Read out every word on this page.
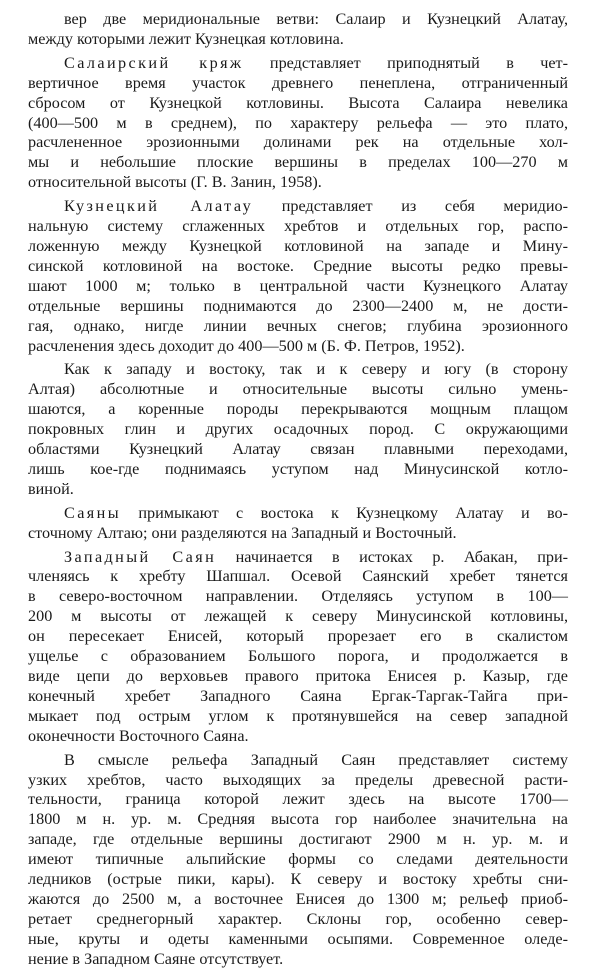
вер две меридиональные ветви: Салаир и Кузнецкий Алатау,
между которыми лежит Кузнецкая котловина.

Салаирский кряж представляет приподнятый в чет-
вертичное время участок древнего пенеплена, отграниченный
сбросом от Кузнецкой котловины. Высота Салаира невелика
(400—500 м в среднем), по характеру рельефа — это плато,
расчлененное эрозионными долинами рек на отдельные хол-
мы и небольшие плоские вершины в пределах 100—270 м
относительной высоты (Г. В. Занин, 1958).

Кузнецкий Алатау представляет из себя меридио-
нальную систему сглаженных хребтов и отдельных гор, распо-
ложенную между Кузнецкой котловиной на западе и Мину-
синской котловиной на востоке. Средние высоты редко превы-
шают 1000 м; только в центральной части Кузнецкого Алатау
отдельные вершины поднимаются до 2300—2400 м, не дости-
гая, однако, нигде линии вечных снегов; глубина эрозионного
расчленения здесь доходит до 400—500 м (Б. Ф. Петров, 1952).

Как к западу и востоку, так и к северу и югу (в сторону
Алтая) абсолютные и относительные высоты сильно умень-
шаются, а коренные породы перекрываются мощным плащом
покровных глин и других осадочных пород. С окружающими
областями Кузнецкий Алатау связан плавными переходами,
лишь кое-где поднимаясь уступом над Минусинской котло-
виной.

Саяны примыкают с востока к Кузнецкому Алатау и во-
сточному Алтаю; они разделяются на Западный и Восточный.

Западный Саян начинается в истоках р. Абакан, при-
членяясь к хребту Шапшал. Осевой Саянский хребет тянется
в северо-восточном направлении. Отделяясь уступом в 100—
200 м высоты от лежащей к северу Минусинской котловины,
он пересекает Енисей, который прорезает его в скалистом
ущелье с образованием Большого порога, и продолжается в
виде цепи до верховьев правого притока Енисея р. Казыр, где
конечный хребет Западного Саяна Ергак-Таргак-Тайга при-
мыкает под острым углом к протянувшейся на север западной
оконечности Восточного Саяна.

В смысле рельефа Западный Саян представляет систему
узких хребтов, часто выходящих за пределы древесной расти-
тельности, граница которой лежит здесь на высоте 1700—
1800 м н. ур. м. Средняя высота гор наиболее значительна на
западе, где отдельные вершины достигают 2900 м н. ур. м. и
имеют типичные альпийские формы со следами деятельности
ледников (острые пики, кары). К северу и востоку хребты сни-
жаются до 2500 м, а восточнее Енисея до 1300 м; рельеф приоб-
ретает среднегорный характер. Склоны гор, особенно север-
ные, круты и одеты каменными осыпями. Современное оледе-
нение в Западном Саяне отсутствует.
